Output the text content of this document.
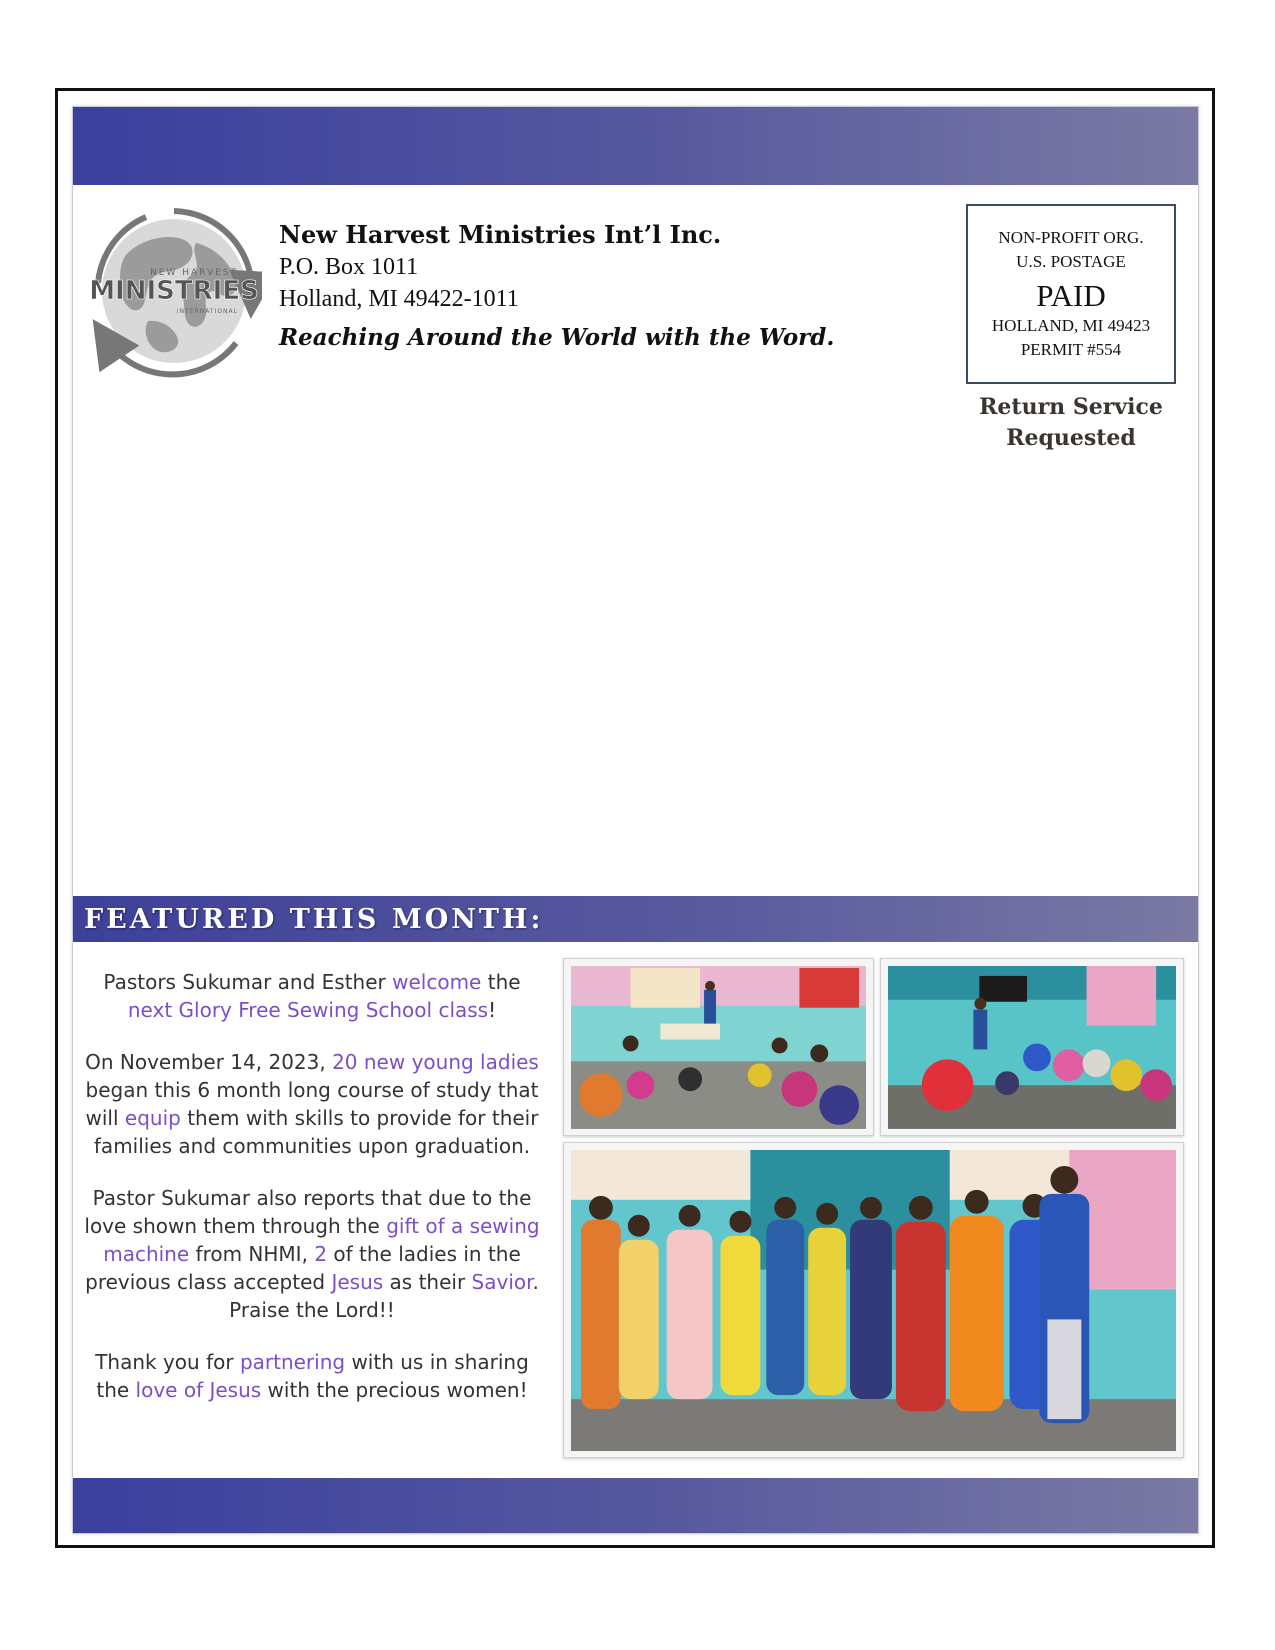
NEW HARVEST
MINISTRIES
INTERNATIONAL
New Harvest Ministries Int’l Inc.
P.O. Box 1011
Holland, MI 49422-1011
Reaching Around the World with the Word.
NON-PROFIT ORG.
U.S. POSTAGE
PAID
HOLLAND, MI 49423
PERMIT #554
Return Service
Requested
FEATURED THIS MONTH:

Pastors Sukumar and Esther welcome the next Glory Free Sewing School class!

On November 14, 2023, 20 new young ladies began this 6 month long course of study that will equip them with skills to provide for their families and communities upon graduation.

Pastor Sukumar also reports that due to the love shown them through the gift of a sewing machine from NHMI, 2 of the ladies in the previous class accepted Jesus as their Savior. Praise the Lord!!

Thank you for partnering with us in sharing the love of Jesus with the precious women!
